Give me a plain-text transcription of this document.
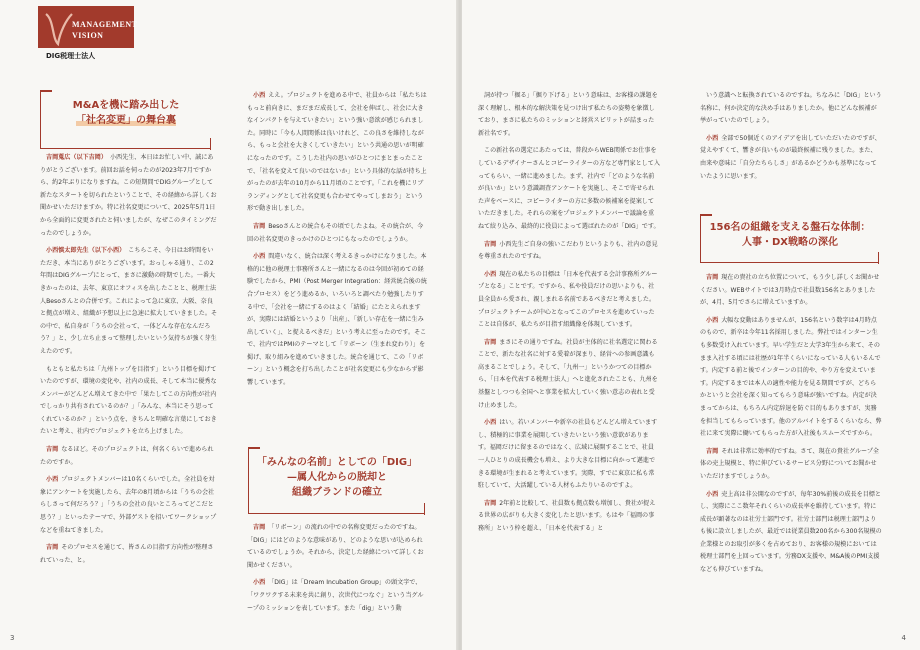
MANAGEMENT
VISION
DIG税理士法人
M&Aを機に踏み出した
「社名変更」の舞台裏

吉岡蒐広（以下吉岡） 小西先生、本日はお忙しい中、誠にありがとうございます。前回お話を伺ったのが2023年7月ですから、約2年ぶりになりますね。この短期間でDIGグループとして新たなスタートを切られたということで、その経緯から詳しくお聞かせいただけますか。特に社名変更について、2025年5月1日から全面的に変更されたと伺いましたが、なぜこのタイミングだったのでしょうか。

小西慎太郎先生（以下小西） こちらこそ、今日はお時間をいただき、本当にありがとうございます。おっしゃる通り、この2年間はDIGグループにとって、まさに激動の時期でした。一番大きかったのは、去年、東京にオフィスを出したことと、税理士法人Besoさんとの合併です。これによって急に東京、大阪、奈良と拠点が増え、組織が予想以上に急速に拡大していきました。その中で、私自身が「うちの会社って、一体どんな存在なんだろう？」と、少し立ち止まって整理したいという気持ちが強く芽生えたのです。

もともと私たちは「九州トップを目指す」という目標を掲げていたのですが、環境の変化や、社内の成長、そして本当に優秀なメンバーがどんどん増えてきた中で「果たしてこの方向性が社内でしっかり共有されているのか？」「みんな、本当にそう思ってくれているのか？」という点を、きちんと明確な言葉にしておきたいと考え、社内でプロジェクトを立ち上げました。

吉岡 なるほど。そのプロジェクトは、何名くらいで進められたのですか。

小西 プロジェクトメンバーは10名くらいでした。全社員を対象にアンケートを実施したら、去年の8月頃からは「うちの会社らしさって何だろう？」「うちの会社の良いところってどこだと思う？」といったテーマで、外部ゲストを招いてワークショップなどを重ねてきました。

吉岡 そのプロセスを通じて、皆さんの目指す方向性が整理されていった、と。

小西 ええ。プロジェクトを進める中で、社員からは「私たちはもっと前向きに、まだまだ成長して、会社を伸ばし、社会に大きなインパクトを与えていきたい」という強い意欲が感じられました。同時に「今も人間関係は良いけれど、この良さを維持しながら、もっと会社を大きくしていきたい」という共通の思いが明確になったのです。こうした社内の思いがひとつにまとまったことで、「社名を変えて良いのではないか」という具体的な話が持ち上がったのが去年の10月から11月頃のことです。「これを機にリブランディングとして社名変更も合わせてやってしまおう」という形で動き出しました。

吉岡 Besoさんとの統合もその頃でしたよね。その統合が、今回の社名変更のきっかけのひとつにもなったのでしょうか。

小西 間違いなく、統合は深く考えるきっかけになりました。本格的に他の税理士事務所さんと一緒になるのは今回が初めての経験でしたから、PMI（Post Merger Integration：経営統合後の統合プロセス）をどう進めるか、いろいろと調べたり勉強したりする中で、「会社を一緒にするのはよく「結婚」にたとえられますが、実際には結婚というより「出産」、「新しい存在を一緒に生み出していく」、と捉えるべきだ」という考えに至ったのです。そこで、社内ではPMIのテーマとして「リボーン（生まれ変わり）」を掲げ、取り組みを進めていきました。統合を通じて、この「リボーン」という概念を打ち出したことが社名変更にも少なからず影響しています。

「みんなの名前」としての「DIG」
—属人化からの脱却と
組織ブランドの確立

吉岡 「リボーン」の流れの中での名称変更だったのですね。「DIG」にはどのような意味があり、どのような思いが込められているのでしょうか。それから、決定した経緯について詳しくお聞かせください。

小西 「DIG」は「Dream Incubation Group」の頭文字で、「ワクワクする未来を共に創り、次世代につなぐ」という当グループのミッションを表しています。また「dig」という動

3

詞が持つ「掘る」「掘り下げる」という意味は、お客様の課題を深く理解し、根本的な解決策を見つけ出す私たちの姿勢を象徴しており、まさに私たちのミッションと経営スピリットが詰まった新社名です。

この新社名の選定にあたっては、普段からWEB関係でお仕事をしているデザイナーさんとコピーライターの方など専門家として入ってもらい、一緒に進めました。まず、社内で「どのような名前が良いか」という意識調査アンケートを実施し、そこで寄せられた声をベースに、コピーライターの方に多数の候補案を提案していただきました。それらの案をプロジェクトメンバーで議論を重ねて絞り込み、最終的に役員によって選ばれたのが「DIG」です。

吉岡 小西先生ご自身の強いこだわりというよりも、社内の意見を尊重されたのですね。

小西 現在の私たちの目標は「日本を代表する会計事務所グループとなる」ことです。ですから、私や役員だけの思いよりも、社員全員から愛され、親しまれる名前であるべきだと考えました。プロジェクトチームが中心となってこのプロセスを進めていったことは自体が、私たちが目指す組織像を体現しています。

吉岡 まさにその通りですね。社員が主体的に社名選定に関わることで、新たな社名に対する愛着が深まり、経営への参画意識も高まることでしょう。そして、「九州一」というかつての目標から、「日本を代表する税理士法人」へと進化されたことも、九州を基盤としつつも全国へと事業を拡大していく強い意志の表れと受け止めました。

小西 はい。若いメンバーや新卒の社員もどんどん増えていますし、積極的に事業を展開していきたいという強い意欲があります。福岡だけに留まるのではなく、広域に展開することで、社員一人ひとりの成長機会も増え、より大きな目標に向かって邁進できる環境が生まれると考えています。実際、すでに東京に私も常駐していて、大活躍している人材もふたりいるのですよ。

吉岡 2年前と比較して、社員数も拠点数も増加し、貴社が捉える世界の広がりも大きく変化したと思います。もはや「福岡の事務所」という枠を超え、「日本を代表する」と

いう意識へと転換されているのですね。ちなみに「DIG」という名称に、何か決定的な決め手はありましたか。他にどんな候補が挙がっていたのでしょう。

小西 全部で50個近くのアイデアを出していただいたのですが、覚えやすくて、響きが良いものが最終候補に残りました。また、由来や意味に「自分たちらしさ」があるかどうかも基準になっていたように思います。

156名の組織を支える盤石な体制：
人事・DX戦略の深化

吉岡 現在の貴社の立ち位置について、もう少し詳しくお聞かせください。WEBサイトでは3月時点で社員数156名とありましたが、4月、5月でさらに増えていますか。

小西 大幅な変動はありませんが、156名という数字は4月時点のもので、新卒は今年11名採用しました。弊社ではインターン生も多数受け入れています。早い学生だと大学3年生から来て、そのまま入社する頃には社歴が1年半くらいになっている人もいるんです。内定する前と後でインターンの目的や、やり方を変えています。内定するまでは本人の適性や能力を見る期間ですが、どちらかというと会社を深く知ってもらう意味が強いですね。内定が決まってからは、もちろん内定辞退を防ぐ目的もありますが、実務を担当してもらっています。他のアルバイトをするくらいなら、弊社に来て実際に働いてもらった方が入社後もスムーズですから。

吉岡 それは非常に効率的ですね。さて、現在の貴社グループ全体の売上規模と、特に伸びているサービス分野についてお聞かせいただけますでしょうか。

小西 売上高は非公開なのですが、毎年30%前後の成長を目標とし、実際にここ数年それくらいの成長率を維持しています。特に成長が顕著なのは社労士部門です。社労士部門は税理士部門よりも後に設立しましたが、最近では従業員数200名から300名規模の企業様とのお取引が多くを占めており、お客様の規模においては税理士部門を上回っています。労務DX支援や、M&A後のPMI支援なども伸びていますね。

4
